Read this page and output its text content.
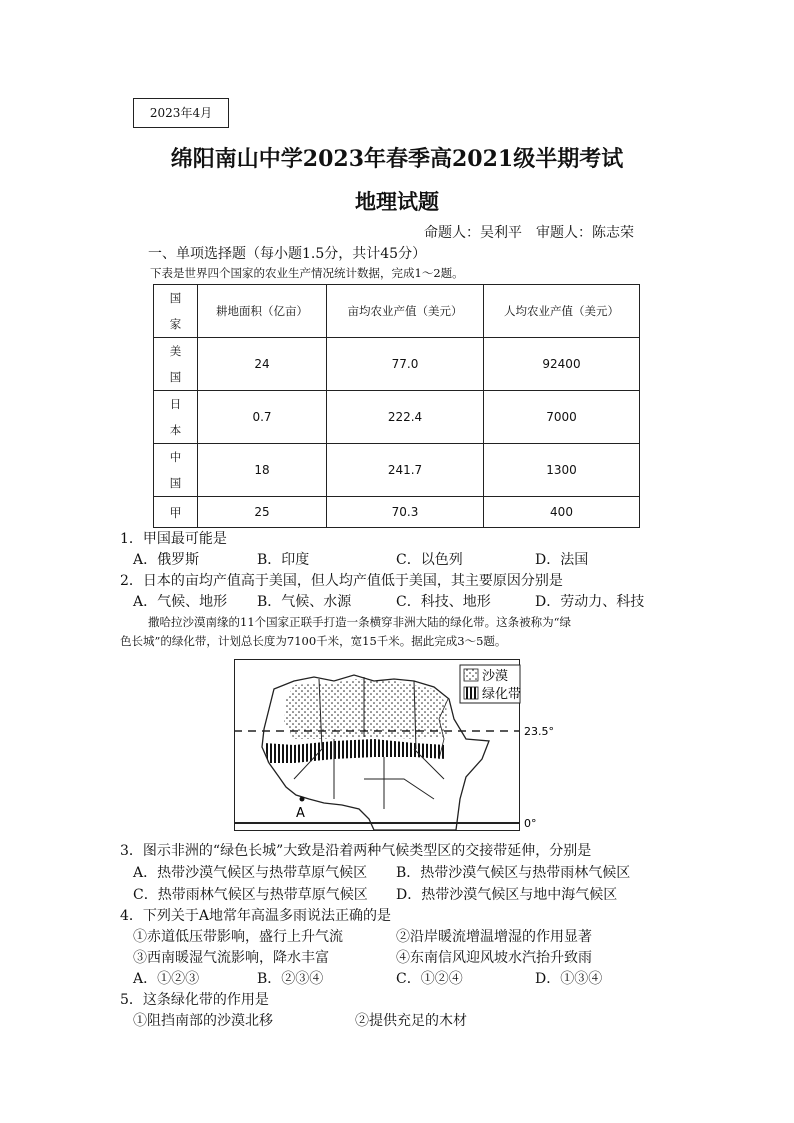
2023年4月
绵阳南山中学2023年春季高2021级半期考试
地理试题
命题人：吴利平　审题人：陈志荣
一、单项选择题（每小题1.5分，共计45分）
下表是世界四个国家的农业生产情况统计数据，完成1～2题。
国
家	耕地面积（亿亩）	亩均农业产值（美元）	人均农业产值（美元）

美
国	24	77.0	92400

日
本	0.7	222.4	7000

中
国	18	241.7	1300
甲	25	70.3	400
1．甲国最可能是
A．俄罗斯	B．印度	C．以色列	D．法国
2．日本的亩均产值高于美国，但人均产值低于美国，其主要原因分别是
A．气候、地形 B．气候、水源	C．科技、地形	D．劳动力、科技
撒哈拉沙漠南缘的11个国家正联手打造一条横穿非洲大陆的绿化带。这条被称为“绿
色长城”的绿化带，计划总长度为7100千米，宽15千米。据此完成3～5题。
A
沙漠
绿化带
23.5°
0°
3．图示非洲的“绿色长城”大致是沿着两种气候类型区的交接带延伸，分别是
A．热带沙漠气候区与热带草原气候区 B．热带沙漠气候区与热带雨林气候区
C．热带雨林气候区与热带草原气候区 D．热带沙漠气候区与地中海气候区
4．下列关于A地常年高温多雨说法正确的是
①赤道低压带影响，盛行上升气流	②沿岸暖流增温增湿的作用显著
③西南暖湿气流影响，降水丰富	④东南信风迎风坡水汽抬升致雨
A．①②③	B．②③④	C．①②④	D．①③④
5．这条绿化带的作用是
①阻挡南部的沙漠北移	②提供充足的木材
